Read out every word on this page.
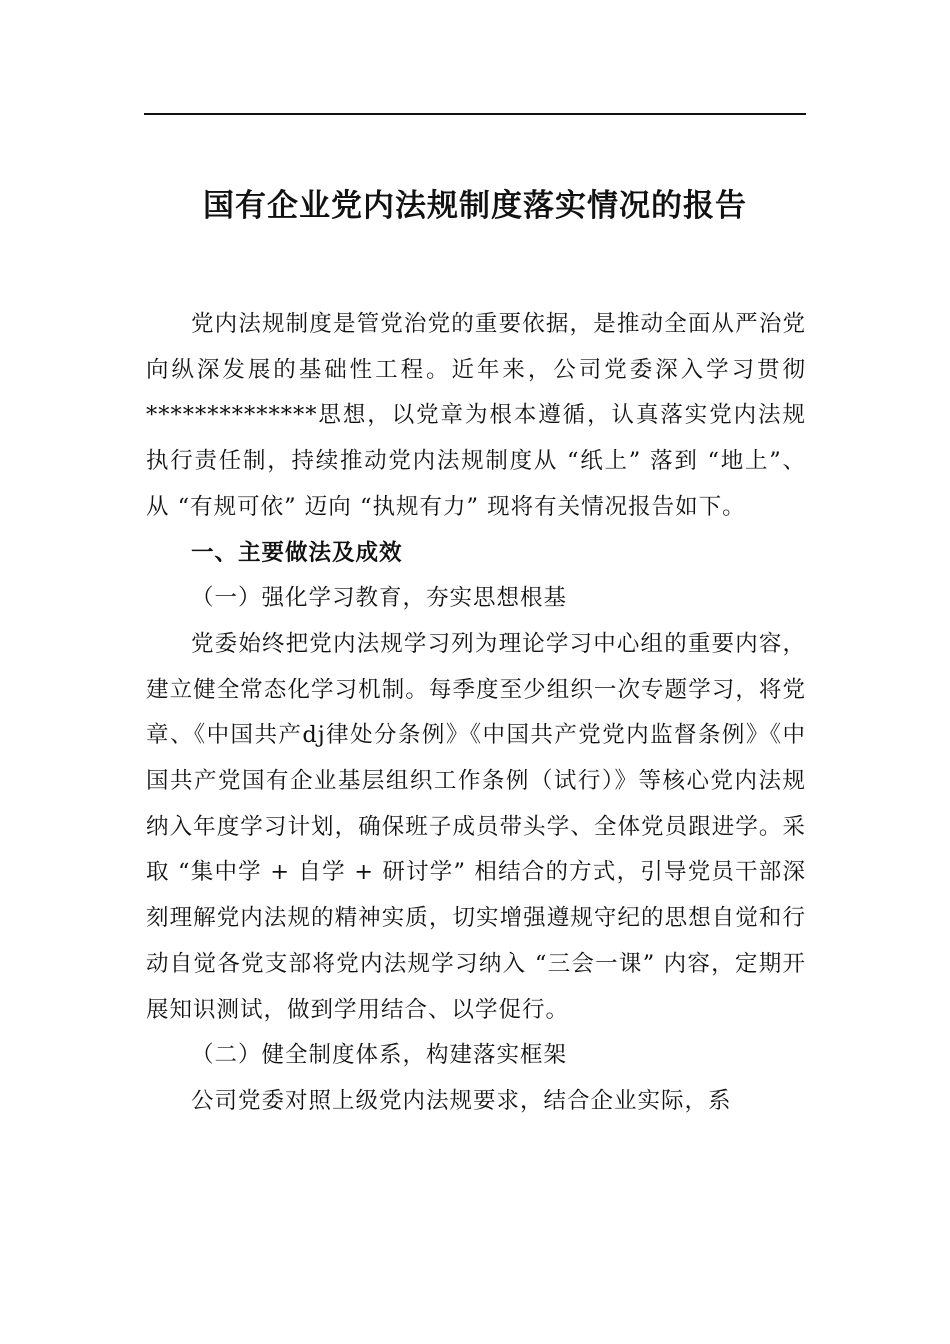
国有企业党内法规制度落实情况的报告

党内法规制度是管党治党的重要依据，是推动全面从严治党向纵深发展的基础性工程。近年来，公司党委深入学习贯彻**************思想，以党章为根本遵循，认真落实党内法规执行责任制，持续推动党内法规制度从 “纸上” 落到 “地上”、从 “有规可依” 迈向 “执规有力” 现将有关情况报告如下。

一、主要做法及成效

（一）强化学习教育，夯实思想根基

党委始终把党内法规学习列为理论学习中心组的重要内容，建立健全常态化学习机制。每季度至少组织一次专题学习，将党章、《中国共产dj律处分条例》《中国共产党党内监督条例》《中国共产党国有企业基层组织工作条例（试行）》等核心党内法规纳入年度学习计划，确保班子成员带头学、全体党员跟进学。采取 “集中学 + 自学 + 研讨学” 相结合的方式，引导党员干部深刻理解党内法规的精神实质，切实增强遵规守纪的思想自觉和行动自觉各党支部将党内法规学习纳入 “三会一课” 内容，定期开展知识测试，做到学用结合、以学促行。

（二）健全制度体系，构建落实框架

公司党委对照上级党内法规要求，结合企业实际，系
